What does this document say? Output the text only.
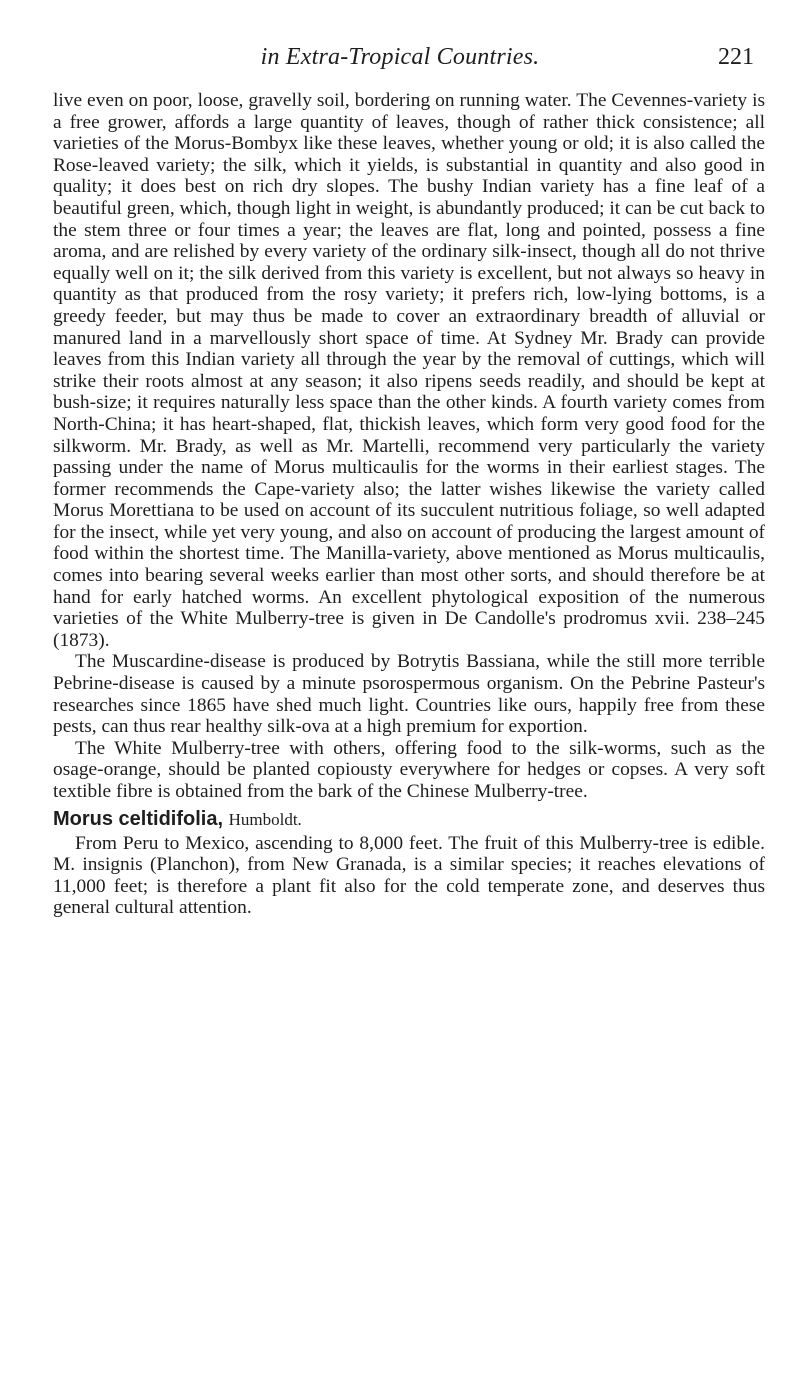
in Extra-Tropical Countries.	221

live even on poor, loose, gravelly soil, bordering on running water. The Cevennes-variety is a free grower, affords a large quantity of leaves, though of rather thick consistence; all varieties of the Morus-Bombyx like these leaves, whether young or old; it is also called the Rose-leaved variety; the silk, which it yields, is substantial in quantity and also good in quality; it does best on rich dry slopes. The bushy Indian variety has a fine leaf of a beautiful green, which, though light in weight, is abundantly produced; it can be cut back to the stem three or four times a year; the leaves are flat, long and pointed, possess a fine aroma, and are relished by every variety of the ordinary silk-insect, though all do not thrive equally well on it; the silk derived from this variety is excellent, but not always so heavy in quantity as that produced from the rosy variety; it prefers rich, low-lying bottoms, is a greedy feeder, but may thus be made to cover an extraordinary breadth of alluvial or manured land in a marvellously short space of time. At Sydney Mr. Brady can provide leaves from this Indian variety all through the year by the removal of cuttings, which will strike their roots almost at any season; it also ripens seeds readily, and should be kept at bush-size; it requires naturally less space than the other kinds. A fourth variety comes from North-China; it has heart-shaped, flat, thickish leaves, which form very good food for the silkworm. Mr. Brady, as well as Mr. Martelli, recommend very particularly the variety passing under the name of Morus multicaulis for the worms in their earliest stages. The former recommends the Cape-variety also; the latter wishes likewise the variety called Morus Morettiana to be used on account of its succulent nutritious foliage, so well adapted for the insect, while yet very young, and also on account of producing the largest amount of food within the shortest time. The Manilla-variety, above mentioned as Morus multicaulis, comes into bearing several weeks earlier than most other sorts, and should therefore be at hand for early hatched worms. An excellent phytological exposition of the numerous varieties of the White Mulberry-tree is given in De Candolle's prodromus xvii. 238–245 (1873).

The Muscardine-disease is produced by Botrytis Bassiana, while the still more terrible Pebrine-disease is caused by a minute psorospermous organism. On the Pebrine Pasteur's researches since 1865 have shed much light. Countries like ours, happily free from these pests, can thus rear healthy silk-ova at a high premium for exportion.

The White Mulberry-tree with others, offering food to the silk-worms, such as the osage-orange, should be planted copiousty everywhere for hedges or copses. A very soft textible fibre is obtained from the bark of the Chinese Mulberry-tree.

Morus celtidifolia, Humboldt.

From Peru to Mexico, ascending to 8,000 feet. The fruit of this Mulberry-tree is edible. M. insignis (Planchon), from New Granada, is a similar species; it reaches elevations of 11,000 feet; is therefore a plant fit also for the cold temperate zone, and deserves thus general cultural attention.
